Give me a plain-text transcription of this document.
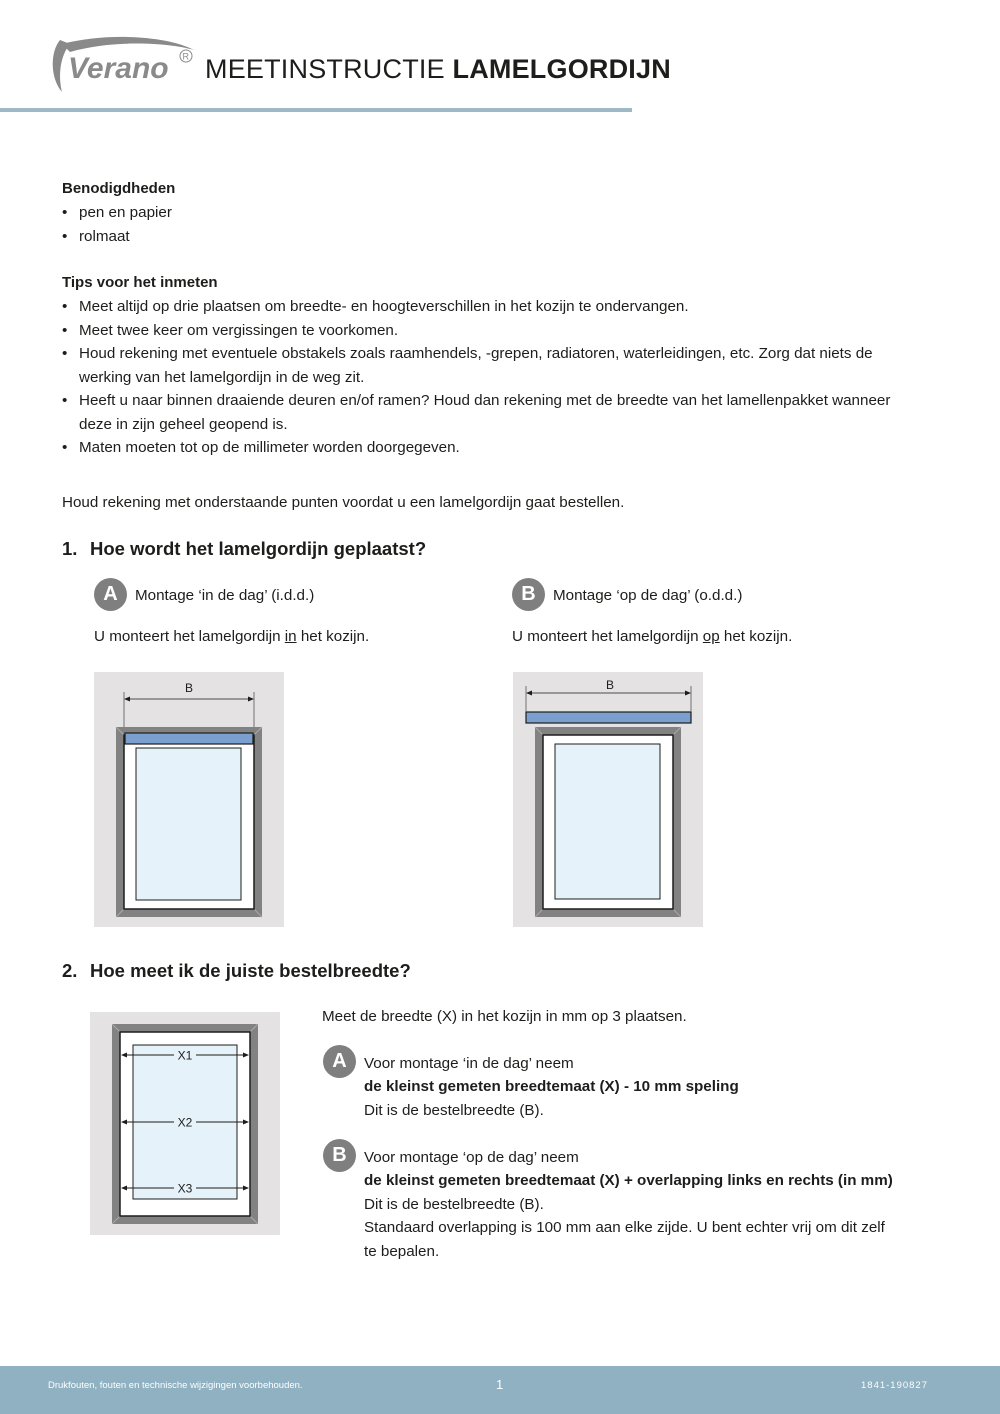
Verano R MEETINSTRUCTIE LAMELGORDIJN
Benodigdheden
• pen en papier
• rolmaat
Tips voor het inmeten
• Meet altijd op drie plaatsen om breedte- en hoogteverschillen in het kozijn te ondervangen.
• Meet twee keer om vergissingen te voorkomen.
• Houd rekening met eventuele obstakels zoals raamhendels, -grepen, radiatoren, waterleidingen, etc. Zorg dat niets de werking van het lamelgordijn in de weg zit.
• Heeft u naar binnen draaiende deuren en/of ramen? Houd dan rekening met de breedte van het lamellenpakket wanneer deze in zijn geheel geopend is.
• Maten moeten tot op de millimeter worden doorgegeven.
Houd rekening met onderstaande punten voordat u een lamelgordijn gaat bestellen.
1. Hoe wordt het lamelgordijn geplaatst?
A	Montage ‘in de dag’ (i.d.d.)
U monteert het lamelgordijn in het kozijn.
B	Montage ‘op de dag’ (o.d.d.)
U monteert het lamelgordijn op het kozijn.
B	B
2. Hoe meet ik de juiste bestelbreedte?
X1
X2
X3
Meet de breedte (X) in het kozijn in mm op 3 plaatsen.
A	Voor montage ‘in de dag’ neem
de kleinst gemeten breedtemaat (X) - 10 mm speling
Dit is de bestelbreedte (B).
B	Voor montage ‘op de dag’ neem
de kleinst gemeten breedtemaat (X) + overlapping links en rechts (in mm)
Dit is de bestelbreedte (B).
Standaard overlapping is 100 mm aan elke zijde. U bent echter vrij om dit zelf
te bepalen.
Drukfouten, fouten en technische wijzigingen voorbehouden.	1	1841-190827
